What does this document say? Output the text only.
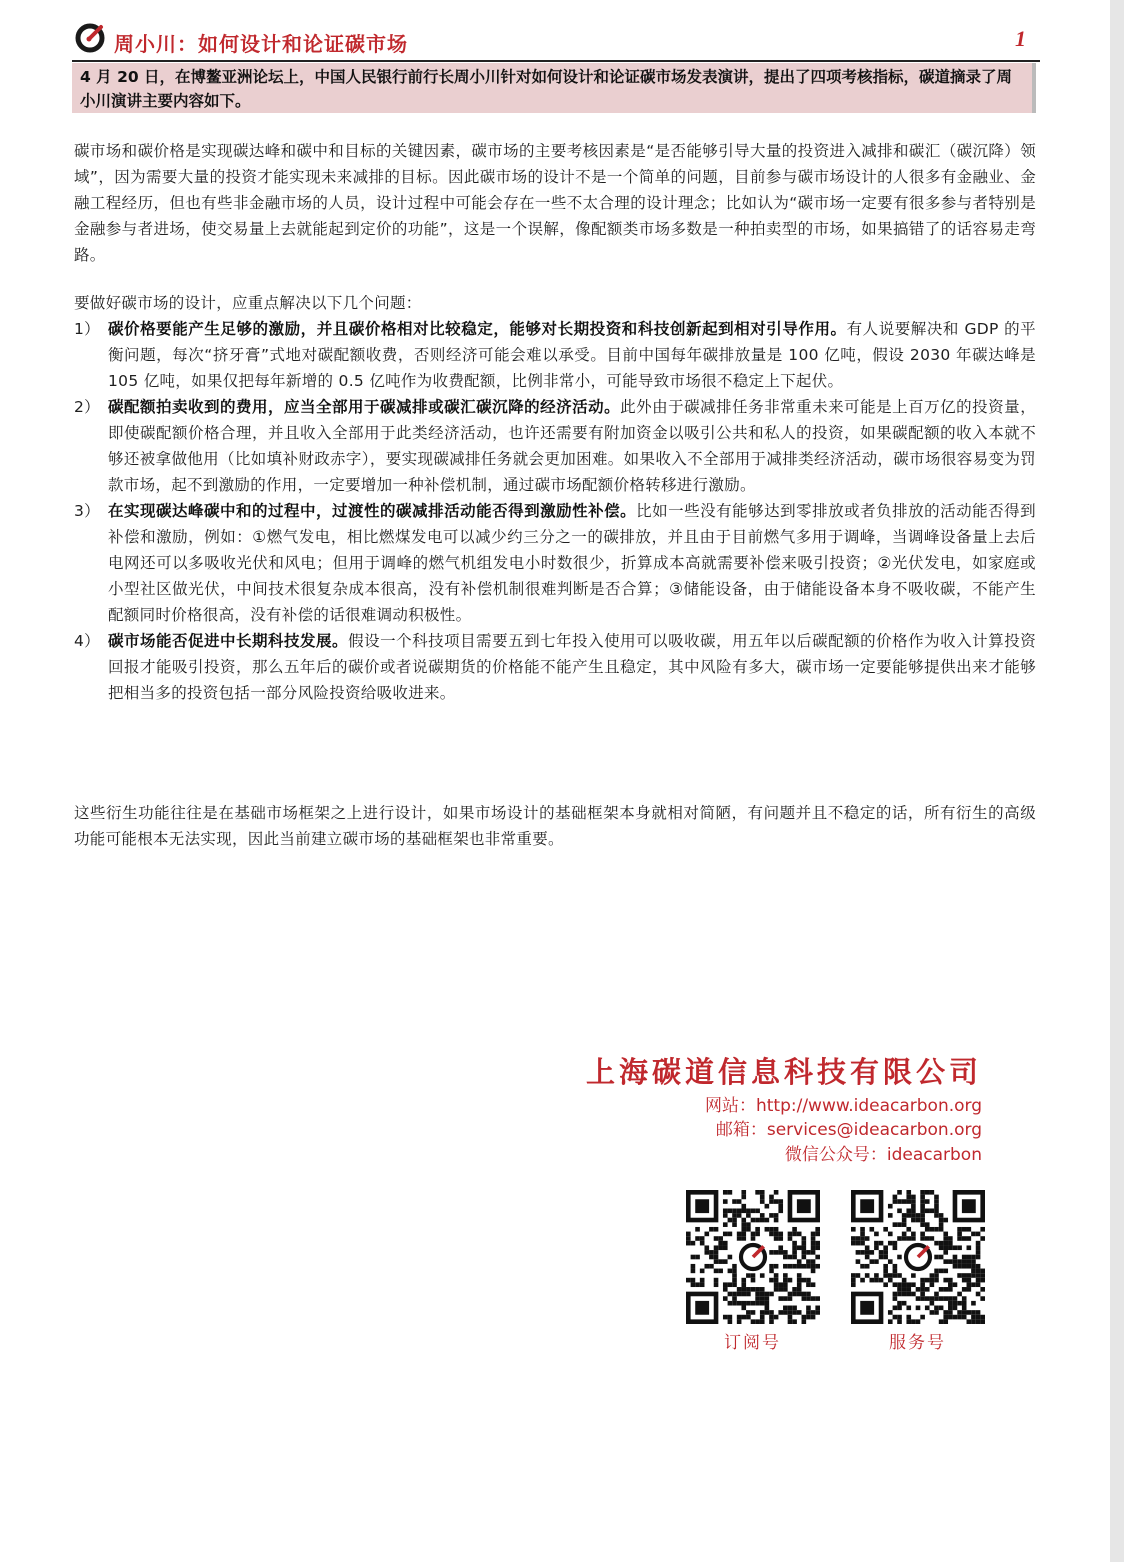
周小川：如何设计和论证碳市场	1
4 月 20 日，在博鳌亚洲论坛上，中国人民银行前行长周小川针对如何设计和论证碳市场发表演讲，提出了四项考核指标，碳道摘录了周小川演讲主要内容如下。

碳市场和碳价格是实现碳达峰和碳中和目标的关键因素，碳市场的主要考核因素是“是否能够引导大量的投资进入减排和碳汇（碳沉降）领域”，因为需要大量的投资才能实现未来减排的目标。因此碳市场的设计不是一个简单的问题，目前参与碳市场设计的人很多有金融业、金融工程经历，但也有些非金融市场的人员，设计过程中可能会存在一些不太合理的设计理念；比如认为“碳市场一定要有很多参与者特别是金融参与者进场，使交易量上去就能起到定价的功能”，这是一个误解，像配额类市场多数是一种拍卖型的市场，如果搞错了的话容易走弯路。

要做好碳市场的设计，应重点解决以下几个问题：

1） 碳价格要能产生足够的激励，并且碳价格相对比较稳定，能够对长期投资和科技创新起到相对引导作用。有人说要解决和 GDP 的平衡问题，每次“挤牙膏”式地对碳配额收费，否则经济可能会难以承受。目前中国每年碳排放量是 100 亿吨，假设 2030 年碳达峰是 105 亿吨，如果仅把每年新增的 0.5 亿吨作为收费配额，比例非常小，可能导致市场很不稳定上下起伏。
2） 碳配额拍卖收到的费用，应当全部用于碳减排或碳汇碳沉降的经济活动。此外由于碳减排任务非常重未来可能是上百万亿的投资量，即使碳配额价格合理，并且收入全部用于此类经济活动，也许还需要有附加资金以吸引公共和私人的投资，如果碳配额的收入本就不够还被拿做他用（比如填补财政赤字），要实现碳减排任务就会更加困难。如果收入不全部用于减排类经济活动，碳市场很容易变为罚款市场，起不到激励的作用，一定要增加一种补偿机制，通过碳市场配额价格转移进行激励。
3） 在实现碳达峰碳中和的过程中，过渡性的碳减排活动能否得到激励性补偿。比如一些没有能够达到零排放或者负排放的活动能否得到补偿和激励，例如：①燃气发电，相比燃煤发电可以减少约三分之一的碳排放，并且由于目前燃气多用于调峰，当调峰设备量上去后电网还可以多吸收光伏和风电；但用于调峰的燃气机组发电小时数很少，折算成本高就需要补偿来吸引投资；②光伏发电，如家庭或小型社区做光伏，中间技术很复杂成本很高，没有补偿机制很难判断是否合算；③储能设备，由于储能设备本身不吸收碳，不能产生配额同时价格很高，没有补偿的话很难调动积极性。
4） 碳市场能否促进中长期科技发展。假设一个科技项目需要五到七年投入使用可以吸收碳，用五年以后碳配额的价格作为收入计算投资回报才能吸引投资，那么五年后的碳价或者说碳期货的价格能不能产生且稳定，其中风险有多大，碳市场一定要能够提供出来才能够把相当多的投资包括一部分风险投资给吸收进来。

这些衍生功能往往是在基础市场框架之上进行设计，如果市场设计的基础框架本身就相对简陋，有问题并且不稳定的话，所有衍生的高级功能可能根本无法实现，因此当前建立碳市场的基础框架也非常重要。

上海碳道信息科技有限公司
网站：http://www.ideacarbon.org
邮箱：services@ideacarbon.org
微信公众号：ideacarbon
订阅号	服务号
